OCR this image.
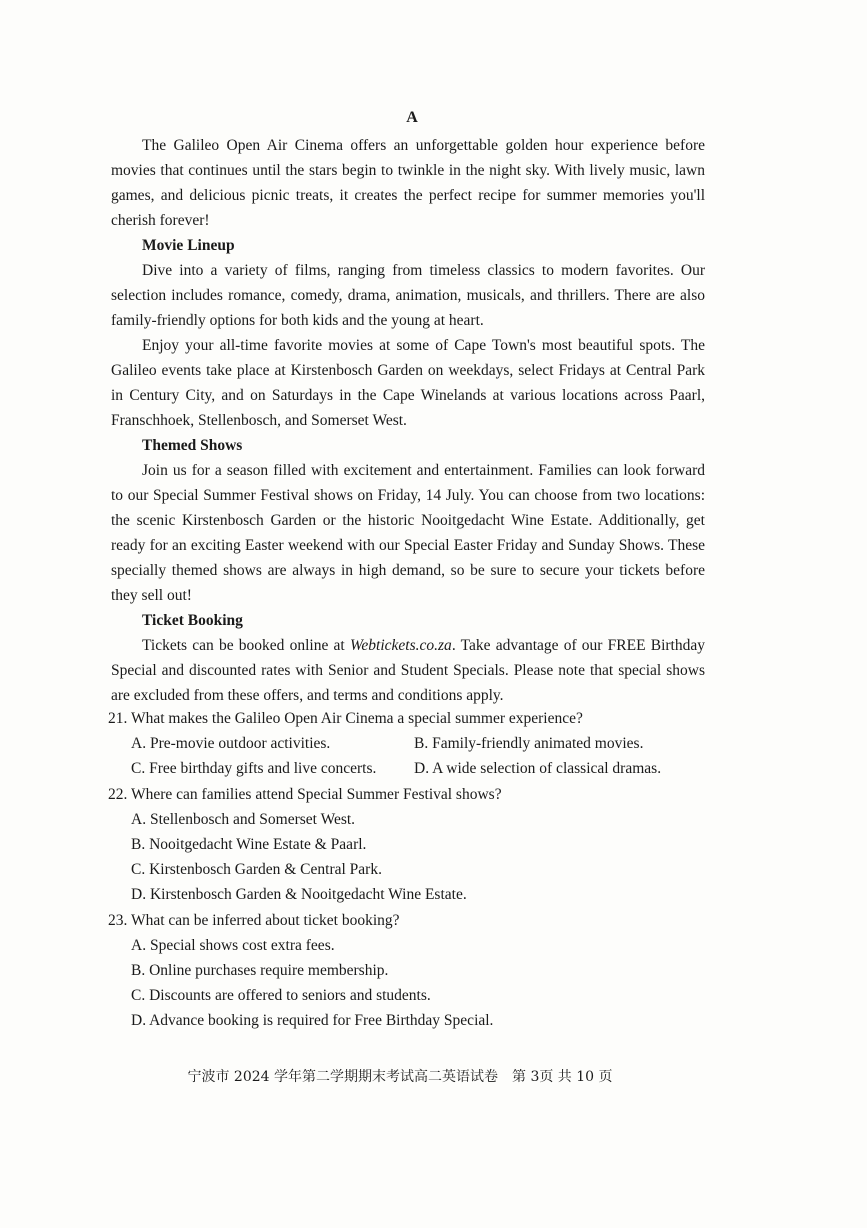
A

The Galileo Open Air Cinema offers an unforgettable golden hour experience before movies that continues until the stars begin to twinkle in the night sky. With lively music, lawn games, and delicious picnic treats, it creates the perfect recipe for summer memories you'll cherish forever!

Movie Lineup

Dive into a variety of films, ranging from timeless classics to modern favorites. Our selection includes romance, comedy, drama, animation, musicals, and thrillers. There are also family-friendly options for both kids and the young at heart.

Enjoy your all-time favorite movies at some of Cape Town's most beautiful spots. The Galileo events take place at Kirstenbosch Garden on weekdays, select Fridays at Central Park in Century City, and on Saturdays in the Cape Winelands at various locations across Paarl, Franschhoek, Stellenbosch, and Somerset West.

Themed Shows

Join us for a season filled with excitement and entertainment. Families can look forward to our Special Summer Festival shows on Friday, 14 July. You can choose from two locations: the scenic Kirstenbosch Garden or the historic Nooitgedacht Wine Estate. Additionally, get ready for an exciting Easter weekend with our Special Easter Friday and Sunday Shows. These specially themed shows are always in high demand, so be sure to secure your tickets before they sell out!

Ticket Booking

Tickets can be booked online at Webtickets.co.za. Take advantage of our FREE Birthday Special and discounted rates with Senior and Student Specials. Please note that special shows are excluded from these offers, and terms and conditions apply.

21. What makes the Galileo Open Air Cinema a special summer experience?

A. Pre-movie outdoor activities.	B. Family-friendly animated movies.

C. Free birthday gifts and live concerts.	D. A wide selection of classical dramas.

22. Where can families attend Special Summer Festival shows?

A. Stellenbosch and Somerset West.

B. Nooitgedacht Wine Estate & Paarl.

C. Kirstenbosch Garden & Central Park.

D. Kirstenbosch Garden & Nooitgedacht Wine Estate.

23. What can be inferred about ticket booking?

A. Special shows cost extra fees.

B. Online purchases require membership.

C. Discounts are offered to seniors and students.

D. Advance booking is required for Free Birthday Special.

宁波市 2024 学年第二学期期末考试高二英语试卷　第 3页 共 10 页
